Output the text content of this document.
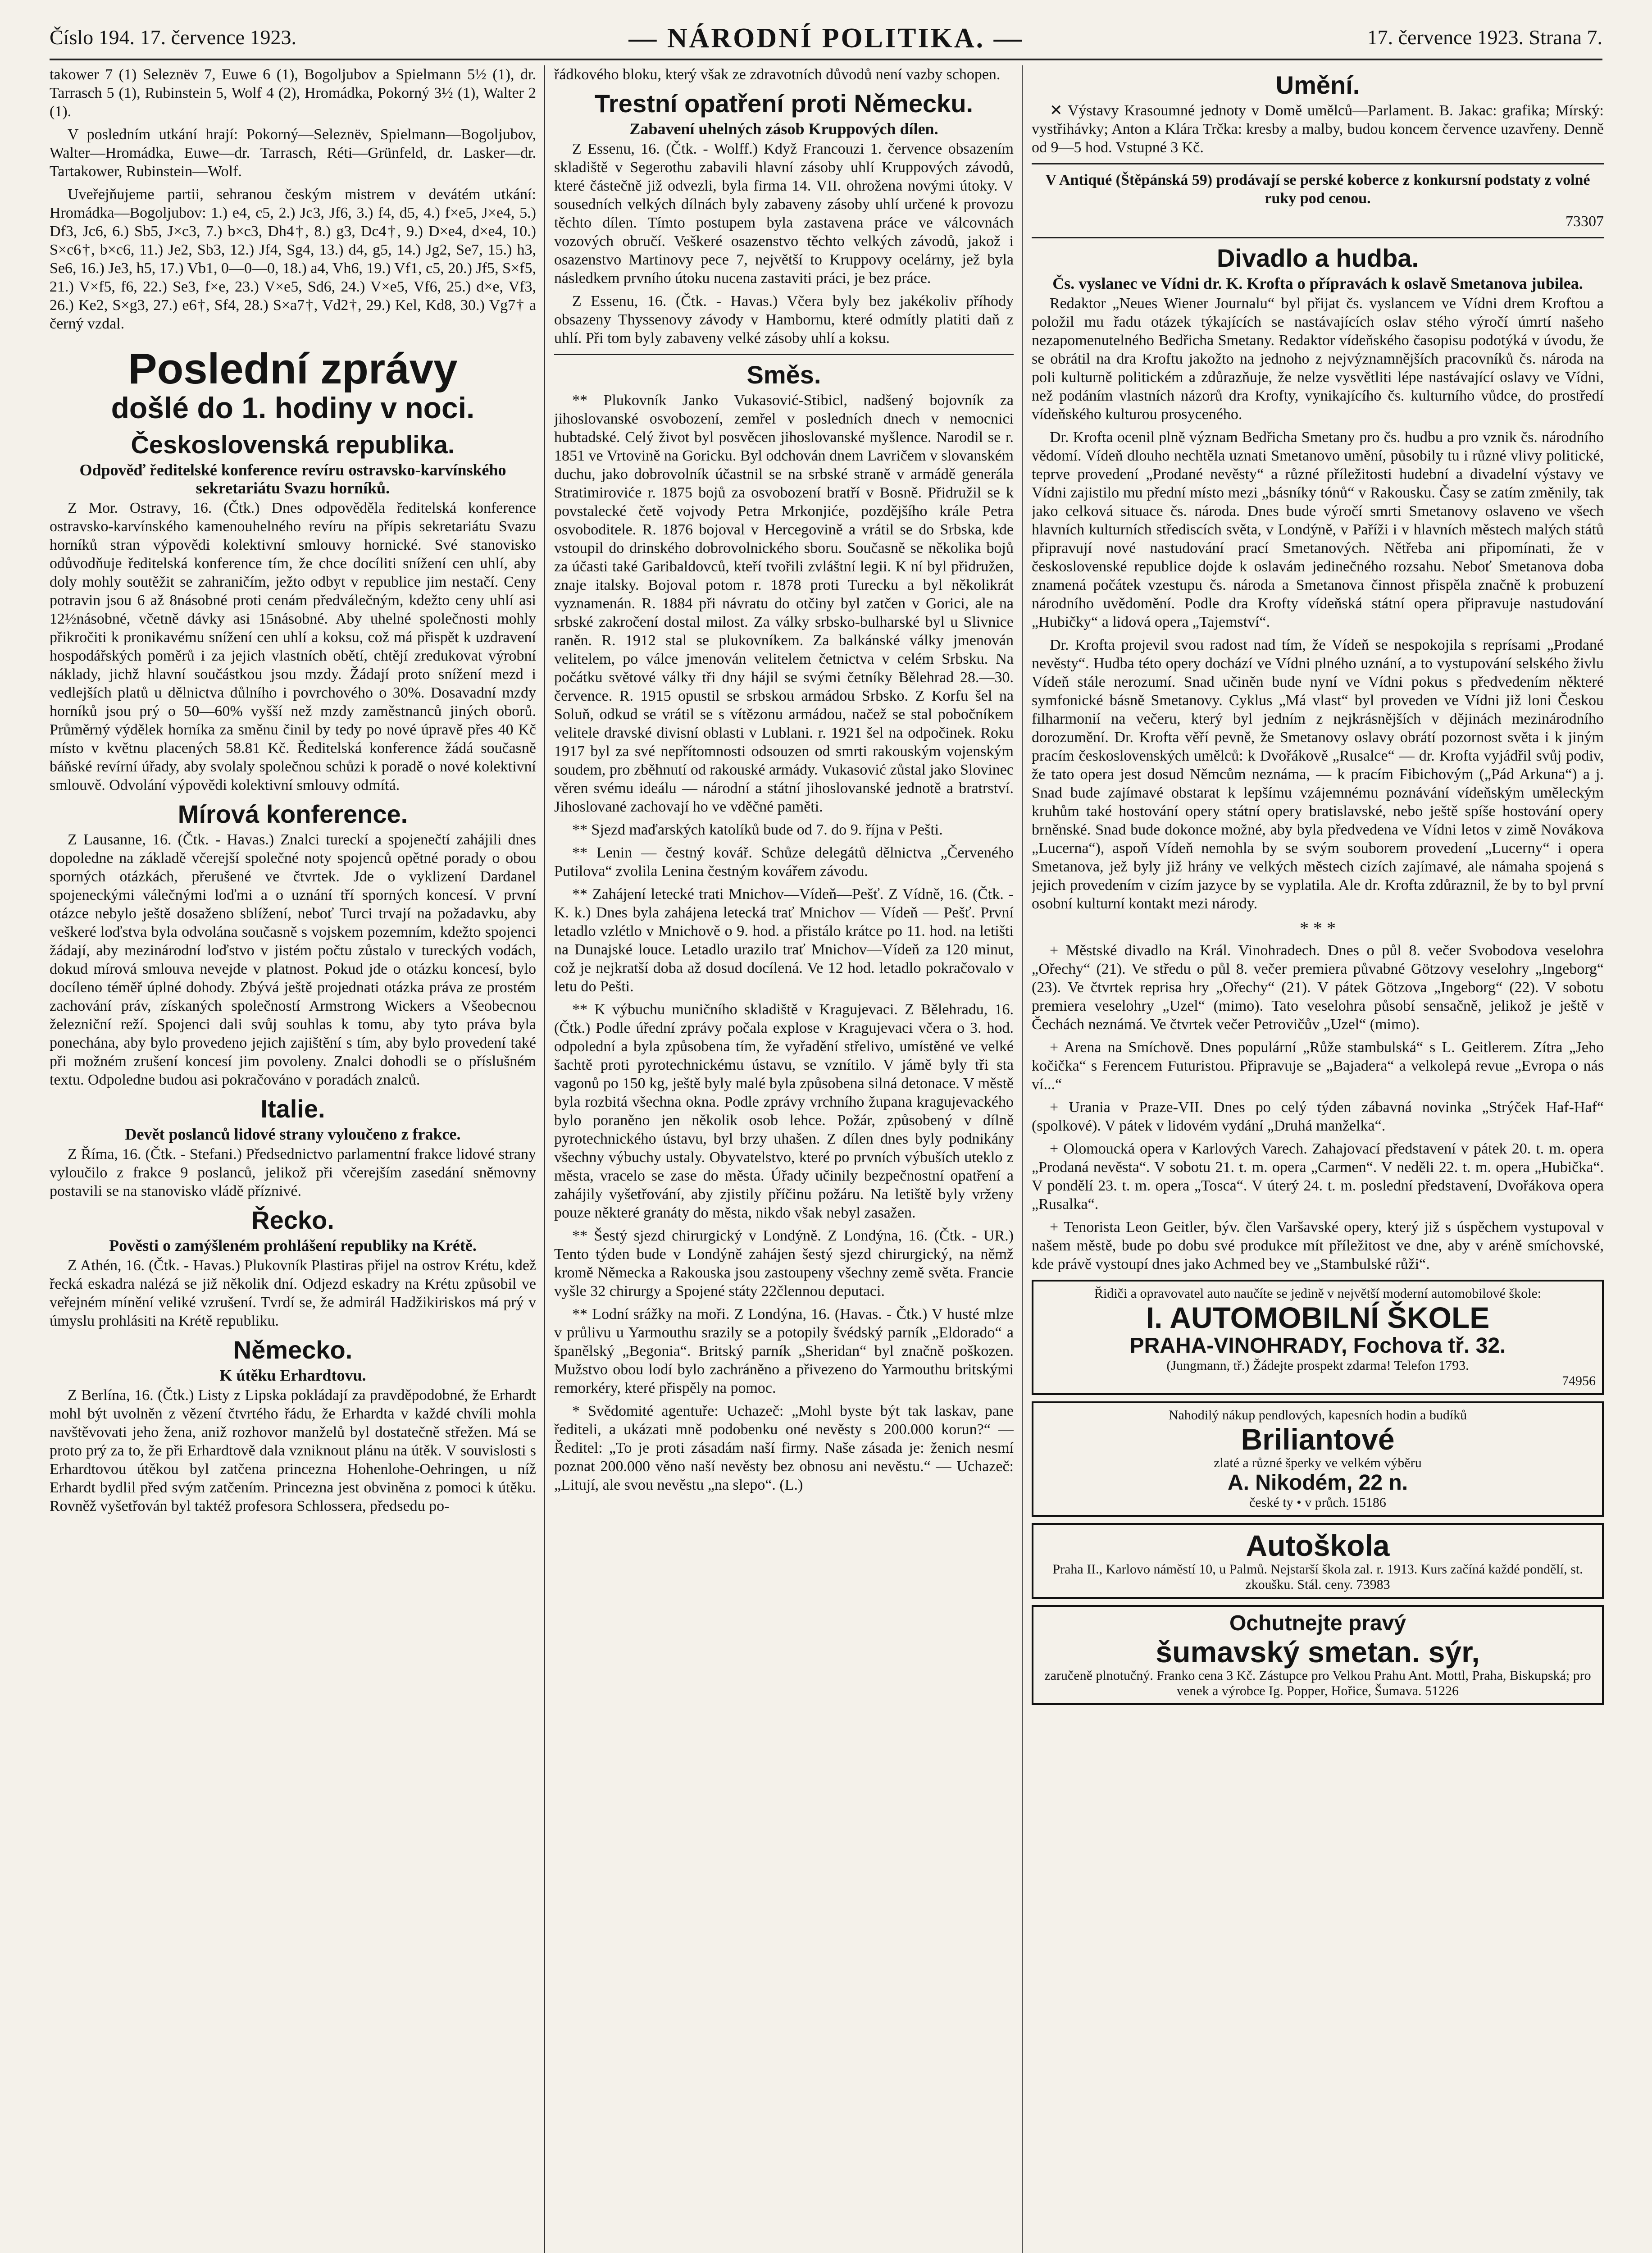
Číslo 194. 17. července 1923.	— NÁRODNÍ POLITIKA. —	17. července 1923. Strana 7.

takower 7 (1) Seleznëv 7, Euwe 6 (1), Bogoljubov a Spielmann 5½ (1), dr. Tarrasch 5 (1), Rubinstein 5, Wolf 4 (2), Hromádka, Pokorný 3½ (1), Walter 2 (1).

V posledním utkání hrají: Pokorný—Seleznëv, Spielmann—Bogoljubov, Walter—Hromádka, Euwe—dr. Tarrasch, Réti—Grünfeld, dr. Lasker—dr. Tartakower, Rubinstein—Wolf.

Uveřejňujeme partii, sehranou českým mistrem v devátém utkání: Hromádka—Bogoljubov: 1.) e4, c5, 2.) Jc3, Jf6, 3.) f4, d5, 4.) f×e5, J×e4, 5.) Df3, Jc6, 6.) Sb5, J×c3, 7.) b×c3, Dh4†, 8.) g3, Dc4†, 9.) D×e4, d×e4, 10.) S×c6†, b×c6, 11.) Je2, Sb3, 12.) Jf4, Sg4, 13.) d4, g5, 14.) Jg2, Se7, 15.) h3, Se6, 16.) Je3, h5, 17.) Vb1, 0—0—0, 18.) a4, Vh6, 19.) Vf1, c5, 20.) Jf5, S×f5, 21.) V×f5, f6, 22.) Se3, f×e, 23.) V×e5, Sd6, 24.) V×e5, Vf6, 25.) d×e, Vf3, 26.) Ke2, S×g3, 27.) e6†, Sf4, 28.) S×a7†, Vd2†, 29.) Kel, Kd8, 30.) Vg7† a černý vzdal.

Poslední zprávy
došlé do 1. hodiny v noci.
Československá republika.
Odpověď ředitelské konference revíru ostravsko-karvínského sekretariátu Svazu horníků.

Z Mor. Ostravy, 16. (Čtk.) Dnes odpověděla ředitelská konference ostravsko-karvínského kamenouhelného revíru na přípis sekretariátu Svazu horníků stran výpovědi kolektivní smlouvy hornické. Své stanovisko odůvodňuje ředitelská konference tím, že chce docíliti snížení cen uhlí, aby doly mohly soutěžit se zahraničím, ježto odbyt v republice jim nestačí. Ceny potravin jsou 6 až 8násobné proti cenám předválečným, kdežto ceny uhlí asi 12½násobné, včetně dávky asi 15násobné. Aby uhelné společnosti mohly přikročiti k pronikavému snížení cen uhlí a koksu, což má přispět k uzdravení hospodářských poměrů i za jejich vlastních obětí, chtějí zredukovat výrobní náklady, jichž hlavní součástkou jsou mzdy. Žádají proto snížení mezd i vedlejších platů u dělnictva důlního i povrchového o 30%. Dosavadní mzdy horníků jsou prý o 50—60% vyšší než mzdy zaměstnanců jiných oborů. Průměrný výdělek horníka za směnu činil by tedy po nové úpravě přes 40 Kč místo v květnu placených 58.81 Kč. Ředitelská konference žádá současně báňské revírní úřady, aby svolaly společnou schůzi k poradě o nové kolektivní smlouvě. Odvolání výpovědi kolektivní smlouvy odmítá.

Mírová konference.

Z Lausanne, 16. (Čtk. - Havas.) Znalci tureckí a spojenečtí zahájili dnes dopoledne na základě včerejší společné noty spojenců opětné porady o obou sporných otázkách, přerušené ve čtvrtek. Jde o vyklizení Dardanel spojeneckými válečnými loďmi a o uznání tří sporných koncesí. V první otázce nebylo ještě dosaženo sblížení, neboť Turci trvají na požadavku, aby veškeré loďstva byla odvolána současně s vojskem pozemním, kdežto spojenci žádají, aby mezinárodní loďstvo v jistém počtu zůstalo v tureckých vodách, dokud mírová smlouva nevejde v platnost. Pokud jde o otázku koncesí, bylo docíleno téměř úplné dohody. Zbývá ještě projednati otázka práva ze prostém zachování práv, získaných společností Armstrong Wickers a Všeobecnou železniční reží. Spojenci dali svůj souhlas k tomu, aby tyto práva byla ponechána, aby bylo provedeno jejich zajištění s tím, aby bylo provedení také při možném zrušení koncesí jim povoleny. Znalci dohodli se o příslušném textu. Odpoledne budou asi pokračováno v poradách znalců.

Italie.
Devět poslanců lidové strany vyloučeno z frakce.

Z Říma, 16. (Čtk. - Stefani.) Předsednictvo parlamentní frakce lidové strany vyloučilo z frakce 9 poslanců, jelikož při včerejším zasedání sněmovny postavili se na stanovisko vládě příznivé.

Řecko.
Pověsti o zamýšleném prohlášení republiky na Krétě.

Z Athén, 16. (Čtk. - Havas.) Plukovník Plastiras přijel na ostrov Krétu, kdež řecká eskadra nalézá se již několik dní. Odjezd eskadry na Krétu způsobil ve veřejném mínění veliké vzrušení. Tvrdí se, že admirál Hadžikiriskos má prý v úmyslu prohlásiti na Krétě republiku.

Německo.
K útěku Erhardtovu.

Z Berlína, 16. (Čtk.) Listy z Lipska pokládají za pravděpodobné, že Erhardt mohl být uvolněn z vězení čtvrtého řádu, že Erhardta v každé chvíli mohla navštěvovati jeho žena, aniž rozhovor manželů byl dostatečně střežen. Má se proto prý za to, že při Erhardtově dala vzniknout plánu na útěk. V souvislosti s Erhardtovou útěkou byl zatčena princezna Hohenlohe-Oehringen, u níž Erhardt bydlil před svým zatčením. Princezna jest obviněna z pomoci k útěku. Rovněž vyšetřován byl taktéž profesora Schlossera, předsedu po-

řádkového bloku, který však ze zdravotních důvodů není vazby schopen.

Trestní opatření proti Německu.
Zabavení uhelných zásob Kruppových dílen.

Z Essenu, 16. (Čtk. - Wolff.) Když Francouzi 1. července obsazením skladiště v Segerothu zabavili hlavní zásoby uhlí Kruppových závodů, které částečně již odvezli, byla firma 14. VII. ohrožena novými útoky. V sousedních velkých dílnách byly zabaveny zásoby uhlí určené k provozu těchto dílen. Tímto postupem byla zastavena práce ve válcovnách vozových obručí. Veškeré osazenstvo těchto velkých závodů, jakož i osazenstvo Martinovy pece 7, největší to Kruppovy ocelárny, jež byla následkem prvního útoku nucena zastaviti práci, je bez práce.

Z Essenu, 16. (Čtk. - Havas.) Včera byly bez jakékoliv příhody obsazeny Thyssenovy závody v Hambornu, které odmítly platiti daň z uhlí. Při tom byly zabaveny velké zásoby uhlí a koksu.

Směs.

** Plukovník Janko Vukasović-Stibicl, nadšený bojovník za jihoslovanské osvobození, zemřel v posledních dnech v nemocnici hubtadské. Celý život byl posvěcen jihoslovanské myšlence. Narodil se r. 1851 ve Vrtovině na Goricku. Byl odchován dnem Lavričem v slovanském duchu, jako dobrovolník účastnil se na srbské straně v armádě generála Stratimiroviće r. 1875 bojů za osvobození bratří v Bosně. Přidružil se k povstalecké četě vojvody Petra Mrkonjiće, pozdějšího krále Petra osvoboditele. R. 1876 bojoval v Hercegovině a vrátil se do Srbska, kde vstoupil do drinského dobrovolnického sboru. Současně se několika bojů za účasti také Garibaldovců, kteří tvořili zvláštní legii. K ní byl přidružen, znaje italsky. Bojoval potom r. 1878 proti Turecku a byl několikrát vyznamenán. R. 1884 při návratu do otčiny byl zatčen v Gorici, ale na srbské zakročení dostal milost. Za války srbsko-bulharské byl u Slivnice raněn. R. 1912 stal se plukovníkem. Za balkánské války jmenován velitelem, po válce jmenován velitelem četnictva v celém Srbsku. Na počátku světové války tři dny hájil se svými četníky Bělehrad 28.—30. července. R. 1915 opustil se srbskou armádou Srbsko. Z Korfu šel na Soluň, odkud se vrátil se s vítězonu armádou, načež se stal pobočníkem velitele dravské divisní oblasti v Lublani. r. 1921 šel na odpočinek. Roku 1917 byl za své nepřítomnosti odsouzen od smrti rakouským vojenským soudem, pro zběhnutí od rakouské armády. Vukasović zůstal jako Slovinec věren svému ideálu — národní a státní jihoslovanské jednotě a bratrství. Jihoslované zachovají ho ve vděčné paměti.

** Sjezd maďarských katolíků bude od 7. do 9. října v Pešti.

** Lenin — čestný kovář. Schůze delegátů dělnictva „Červeného Putilova“ zvolila Lenina čestným kovářem závodu.

** Zahájení letecké trati Mnichov—Vídeň—Pešť. Z Vídně, 16. (Čtk. - K. k.) Dnes byla zahájena letecká trať Mnichov — Vídeň — Pešť. První letadlo vzlétlo v Mnichově o 9. hod. a přistálo krátce po 11. hod. na letišti na Dunajské louce. Letadlo urazilo trať Mnichov—Vídeň za 120 minut, což je nejkratší doba až dosud docílená. Ve 12 hod. letadlo pokračovalo v letu do Pešti.

** K výbuchu muničního skladiště v Kragujevaci. Z Bělehradu, 16. (Čtk.) Podle úřední zprávy počala explose v Kragujevaci včera o 3. hod. odpolední a byla způsobena tím, že vyřadění střelivo, umístěné ve velké šachtě proti pyrotechnickému ústavu, se vznítilo. V jámě byly tři sta vagonů po 150 kg, ještě byly malé byla způsobena silná detonace. V městě byla rozbitá všechna okna. Podle zprávy vrchního župana kragujevackého bylo poraněno jen několik osob lehce. Požár, způsobený v dílně pyrotechnického ústavu, byl brzy uhašen. Z dílen dnes byly podnikány všechny výbuchy ustaly. Obyvatelstvo, které po prvních výbuších uteklo z města, vracelo se zase do města. Úřady učinily bezpečnostní opatření a zahájily vyšetřování, aby zjistily příčinu požáru. Na letiště byly vrženy pouze některé granáty do města, nikdo však nebyl zasažen.

** Šestý sjezd chirurgický v Londýně. Z Londýna, 16. (Čtk. - UR.) Tento týden bude v Londýně zahájen šestý sjezd chirurgický, na němž kromě Německa a Rakouska jsou zastoupeny všechny země světa. Francie vyšle 32 chirurgy a Spojené státy 22člennou deputaci.

** Lodní srážky na moři. Z Londýna, 16. (Havas. - Čtk.) V husté mlze v průlivu u Yarmouthu srazily se a potopily švédský parník „Eldorado“ a španělský „Begonia“. Britský parník „Sheridan“ byl značně poškozen. Mužstvo obou lodí bylo zachráněno a přivezeno do Yarmouthu britskými remorkéry, které přispěly na pomoc.

* Svědomité agentuře: Uchazeč: „Mohl byste být tak laskav, pane řediteli, a ukázati mně podobenku oné nevěsty s 200.000 korun?“ — Ředitel: „To je proti zásadám naší firmy. Naše zásada je: ženich nesmí poznat 200.000 věno naší nevěsty bez obnosu ani nevěstu.“ — Uchazeč: „Litují, ale svou nevěstu „na slepo“. (L.)

Umění.

✕ Výstavy Krasoumné jednoty v Domě umělců—Parlament. B. Jakac: grafika; Mírský: vystřihávky; Anton a Klára Trčka: kresby a malby, budou koncem července uzavřeny. Denně od 9—5 hod. Vstupné 3 Kč.

V Antiqué (Štěpánská 59) prodávají se perské koberce z konkursní podstaty z volné ruky pod cenou.

73307

Divadlo a hudba.
Čs. vyslanec ve Vídni dr. K. Krofta o přípravách k oslavě Smetanova jubilea.

Redaktor „Neues Wiener Journalu“ byl přijat čs. vyslancem ve Vídni drem Kroftou a položil mu řadu otázek týkajících se nastávajících oslav stého výročí úmrtí našeho nezapomenutelného Bedřicha Smetany. Redaktor vídeňského časopisu podotýká v úvodu, že se obrátil na dra Kroftu jakožto na jednoho z nejvýznamnějších pracovníků čs. národa na poli kulturně politickém a zdůrazňuje, že nelze vysvětliti lépe nastávající oslavy ve Vídni, než podáním vlastních názorů dra Krofty, vynikajícího čs. kulturního vůdce, do prostředí vídeňského kulturou prosyceného.

Dr. Krofta ocenil plně význam Bedřicha Smetany pro čs. hudbu a pro vznik čs. národního vědomí. Vídeň dlouho nechtěla uznati Smetanovo umění, působily tu i různé vlivy politické, teprve provedení „Prodané nevěsty“ a různé příležitosti hudební a divadelní výstavy ve Vídni zajistilo mu přední místo mezi „básníky tónů“ v Rakousku. Časy se zatím změnily, tak jako celková situace čs. národa. Dnes bude výročí smrti Smetanovy oslaveno ve všech hlavních kulturních střediscích světa, v Londýně, v Paříži i v hlavních městech malých států připravují nové nastudování prací Smetanových. Nětřeba ani připomínati, že v československé republice dojde k oslavám jedinečného rozsahu. Neboť Smetanova doba znamená počátek vzestupu čs. národa a Smetanova činnost přispěla značně k probuzení národního uvědomění. Podle dra Krofty vídeňská státní opera připravuje nastudování „Hubičky“ a lidová opera „Tajemství“.

Dr. Krofta projevil svou radost nad tím, že Vídeň se nespokojila s reprísami „Prodané nevěsty“. Hudba této opery dochází ve Vídni plného uznání, a to vystupování selského živlu Vídeň stále nerozumí. Snad učiněn bude nyní ve Vídni pokus s předvedením některé symfonické básně Smetanovy. Cyklus „Má vlast“ byl proveden ve Vídni již loni Českou filharmonií na večeru, který byl jedním z nejkrásnějších v dějinách mezinárodního dorozumění. Dr. Krofta věří pevně, že Smetanovy oslavy obrátí pozornost světa i k jiným pracím československých umělců: k Dvořákově „Rusalce“ — dr. Krofta vyjádřil svůj podiv, že tato opera jest dosud Němcům neznáma, — k pracím Fibichovým („Pád Arkuna“) a j. Snad bude zajímavé obstarat k lepšímu vzájemnému poznávání vídeňským uměleckým kruhům také hostování opery státní opery bratislavské, nebo ještě spíše hostování opery brněnské. Snad bude dokonce možné, aby byla předvedena ve Vídni letos v zimě Novákova „Lucerna“), aspoň Vídeň nemohla by se svým souborem provedení „Lucerny“ i opera Smetanova, jež byly již hrány ve velkých městech cizích zajímavé, ale námaha spojená s jejich provedením v cizím jazyce by se vyplatila. Ale dr. Krofta zdůraznil, že by to byl první osobní kulturní kontakt mezi národy.

* * *

+ Městské divadlo na Král. Vinohradech. Dnes o půl 8. večer Svobodova veselohra „Ořechy“ (21). Ve středu o půl 8. večer premiera půvabné Götzovy veselohry „Ingeborg“ (23). Ve čtvrtek reprisa hry „Ořechy“ (21). V pátek Götzova „Ingeborg“ (22). V sobotu premiera veselohry „Uzel“ (mimo). Tato veselohra působí sensačně, jelikož je ještě v Čechách neznámá. Ve čtvrtek večer Petrovičův „Uzel“ (mimo).

+ Arena na Smíchově. Dnes populární „Růže stambulská“ s L. Geitlerem. Zítra „Jeho kočička“ s Ferencem Futuristou. Připravuje se „Bajadera“ a velkolepá revue „Evropa o nás ví...“

+ Urania v Praze-VII. Dnes po celý týden zábavná novinka „Strýček Haf-Haf“ (spolkové). V pátek v lidovém vydání „Druhá manželka“.

+ Olomoucká opera v Karlových Varech. Zahajovací představení v pátek 20. t. m. opera „Prodaná nevěsta“. V sobotu 21. t. m. opera „Carmen“. V neděli 22. t. m. opera „Hubička“. V pondělí 23. t. m. opera „Tosca“. V úterý 24. t. m. poslední představení, Dvořákova opera „Rusalka“.

+ Tenorista Leon Geitler, býv. člen Varšavské opery, který již s úspěchem vystupoval v našem městě, bude po dobu své produkce mít příležitost ve dne, aby v aréně smíchovské, kde právě vystoupí dnes jako Achmed bey ve „Stambulské růži“.

Řidiči a opravovatel auto naučíte se jedině v největší moderní automobilové škole:
I. AUTOMOBILNÍ ŠKOLE
PRAHA-VINOHRADY, Fochova tř. 32.
(Jungmann, tř.) Žádejte prospekt zdarma! Telefon 1793.
74956
Nahodilý nákup pendlových, kapesních hodin a budíků
Briliantové
zlaté a různé šperky ve velkém výběru
A. Nikodém, 22 n.
české ty • v průch. 15186
Autoškola
Praha II., Karlovo náměstí 10, u Palmů. Nejstarší škola zal. r. 1913. Kurs začíná každé pondělí, st. zkoušku. Stál. ceny. 73983
Ochutnejte pravý
šumavský smetan. sýr,
zaručeně plnotučný. Franko cena 3 Kč. Zástupce pro Velkou Prahu Ant. Mottl, Praha, Biskupská; pro venek a výrobce Ig. Popper, Hořice, Šumava. 51226
